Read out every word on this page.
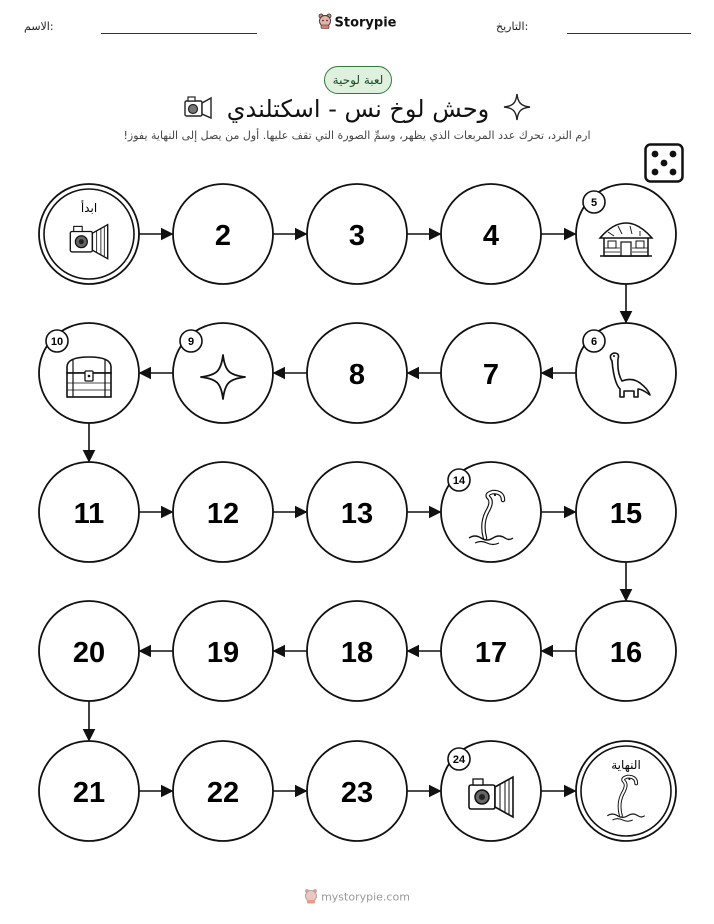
الاسم:	التاريخ:
Storypie
لعبة لوحية
وحش لوخ نس - اسكتلندي
ارم النرد، تحرك عدد المربعات الذي يظهر، وسمِّ الصورة التي تقف عليها. أول من يصل إلى النهاية يفوز!
ابدأ
2	3	4
5
6
7
8
9
10
11	12	13
14
15
16
17
18
19
20
21	22	23
24	النهاية
mystorypie.com
